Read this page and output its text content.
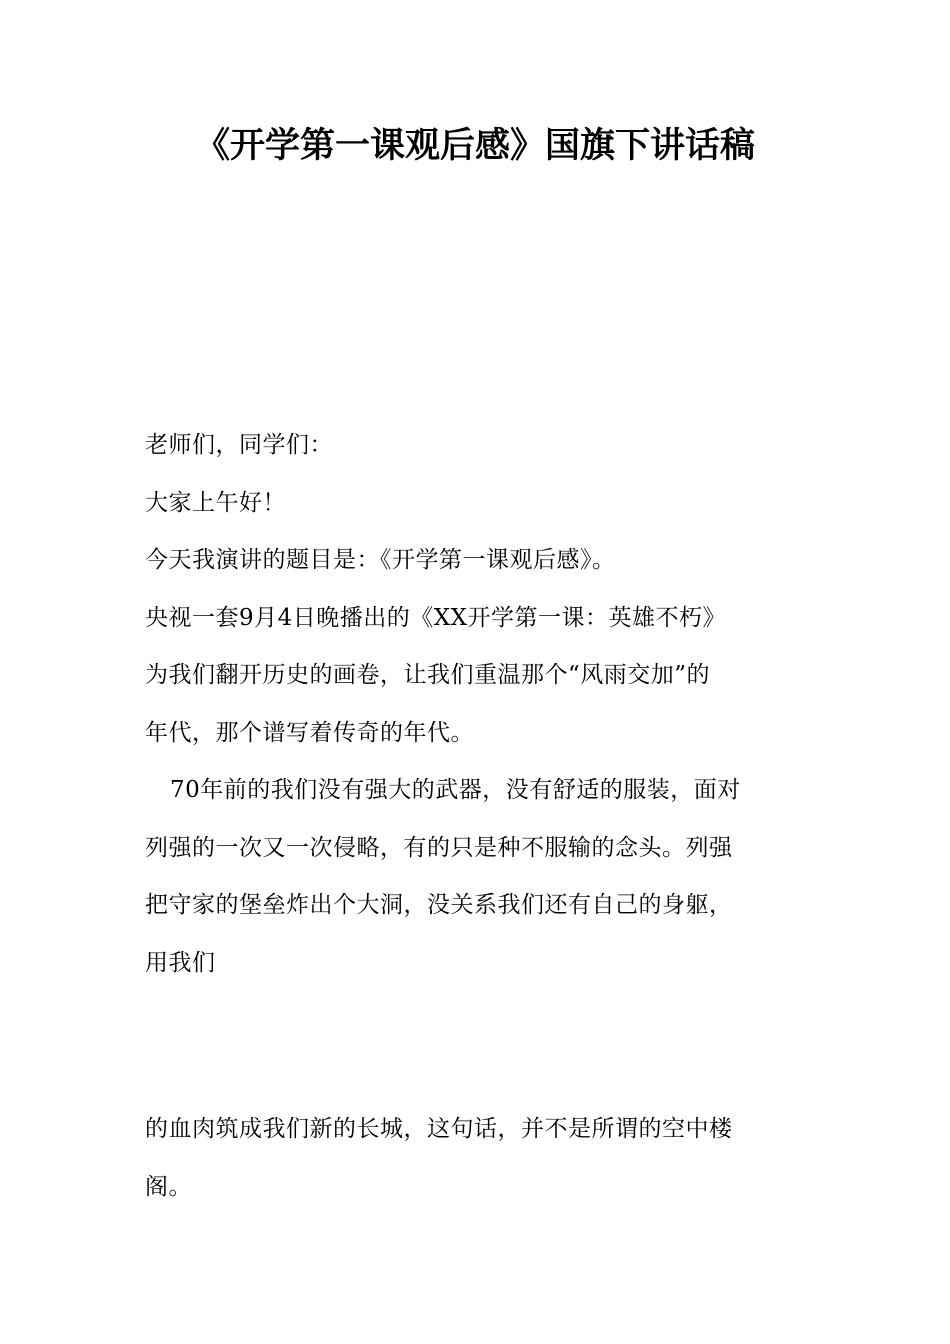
《开学第一课观后感》国旗下讲话稿

老师们，同学们：

大家上午好！

今天我演讲的题目是：《开学第一课观后感》。

央视一套9月4日晚播出的《XX开学第一课：英雄不朽》

为我们翻开历史的画卷，让我们重温那个“风雨交加”的

年代，那个谱写着传奇的年代。

70年前的我们没有强大的武器，没有舒适的服装，面对

列强的一次又一次侵略，有的只是种不服输的念头。列强

把守家的堡垒炸出个大洞，没关系我们还有自己的身躯，

用我们

的血肉筑成我们新的长城，这句话，并不是所谓的空中楼

阁。
